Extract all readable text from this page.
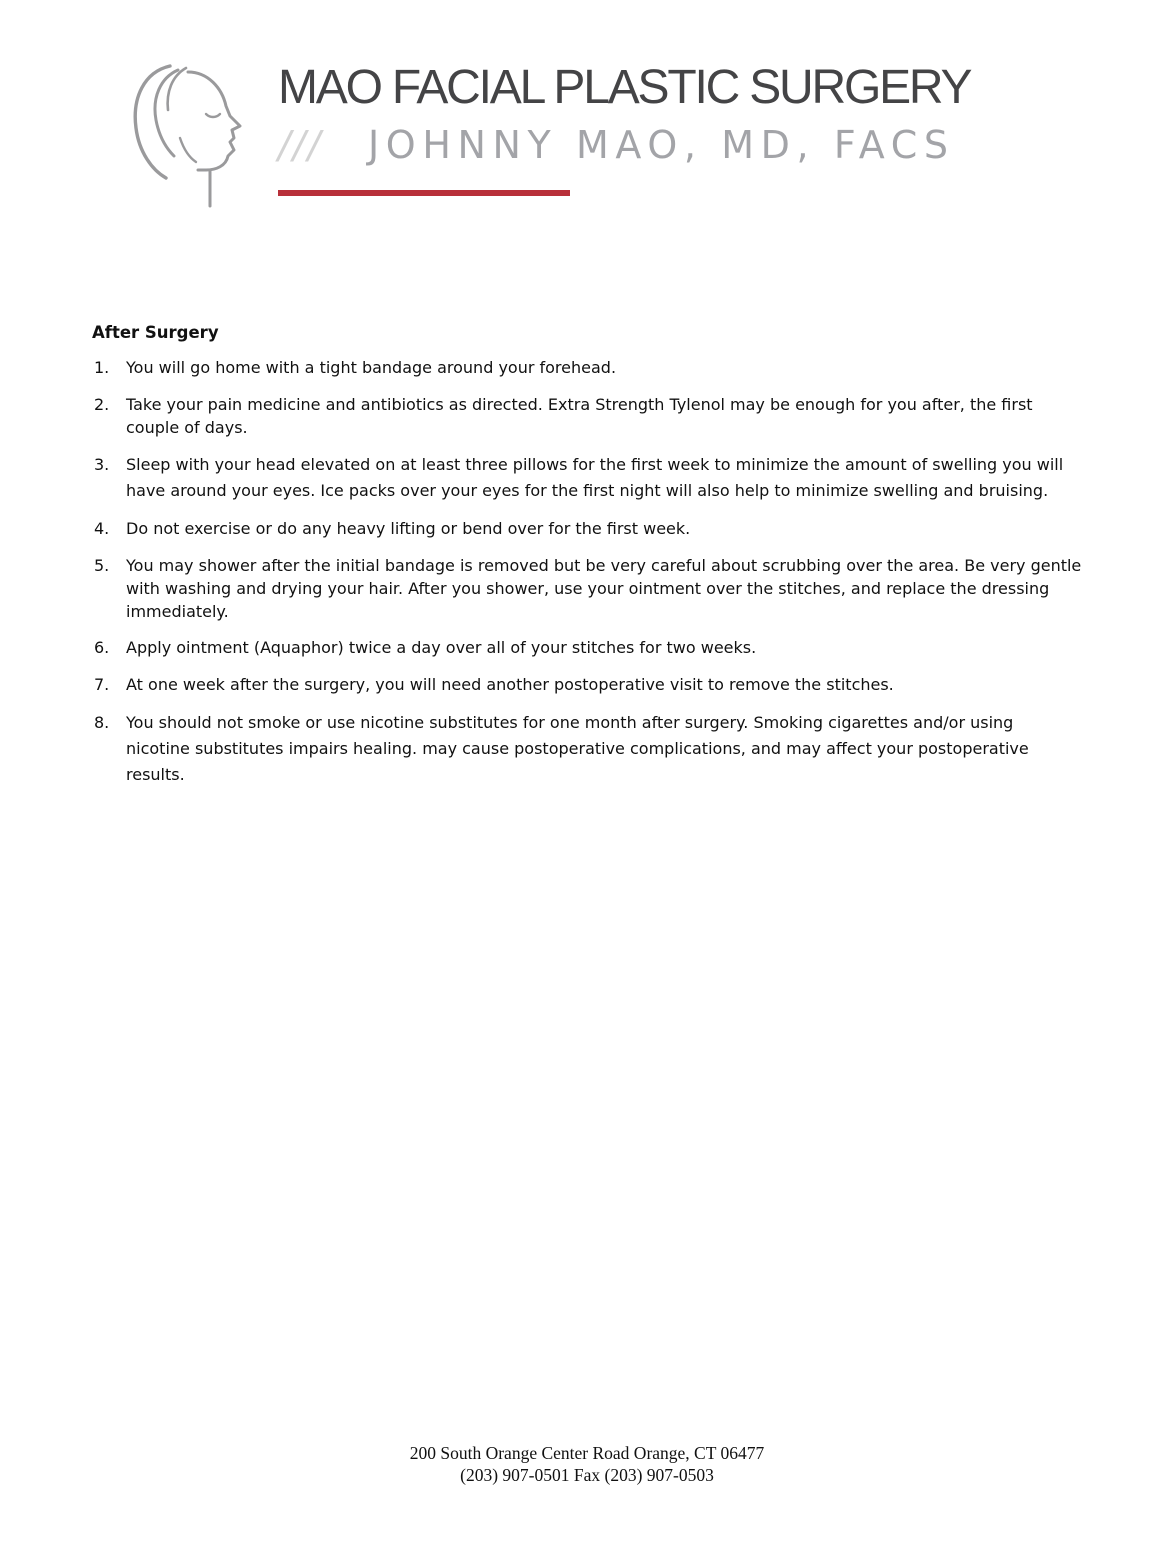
MAO FACIAL PLASTIC SURGERY
/// JOHNNY MAO, MD, FACS
After Surgery
1.	You will go home with a tight bandage around your forehead.
2.	Take your pain medicine and antibiotics as directed. Extra Strength Tylenol may be enough for you after, the first couple of days.
3.	Sleep with your head elevated on at least three pillows for the first week to minimize the amount of swelling you will have around your eyes. Ice packs over your eyes for the first night will also help to minimize swelling and bruising.
4.	Do not exercise or do any heavy lifting or bend over for the first week.
5.	You may shower after the initial bandage is removed but be very careful about scrubbing over the area. Be very gentle with washing and drying your hair. After you shower, use your ointment over the stitches, and replace the dressing immediately.
6.	Apply ointment (Aquaphor) twice a day over all of your stitches for two weeks.
7.	At one week after the surgery, you will need another postoperative visit to remove the stitches.
8.	You should not smoke or use nicotine substitutes for one month after surgery. Smoking cigarettes and/or using nicotine substitutes impairs healing. may cause postoperative complications, and may affect your postoperative results.
200 South Orange Center Road Orange, CT 06477
(203) 907-0501 Fax (203) 907-0503
